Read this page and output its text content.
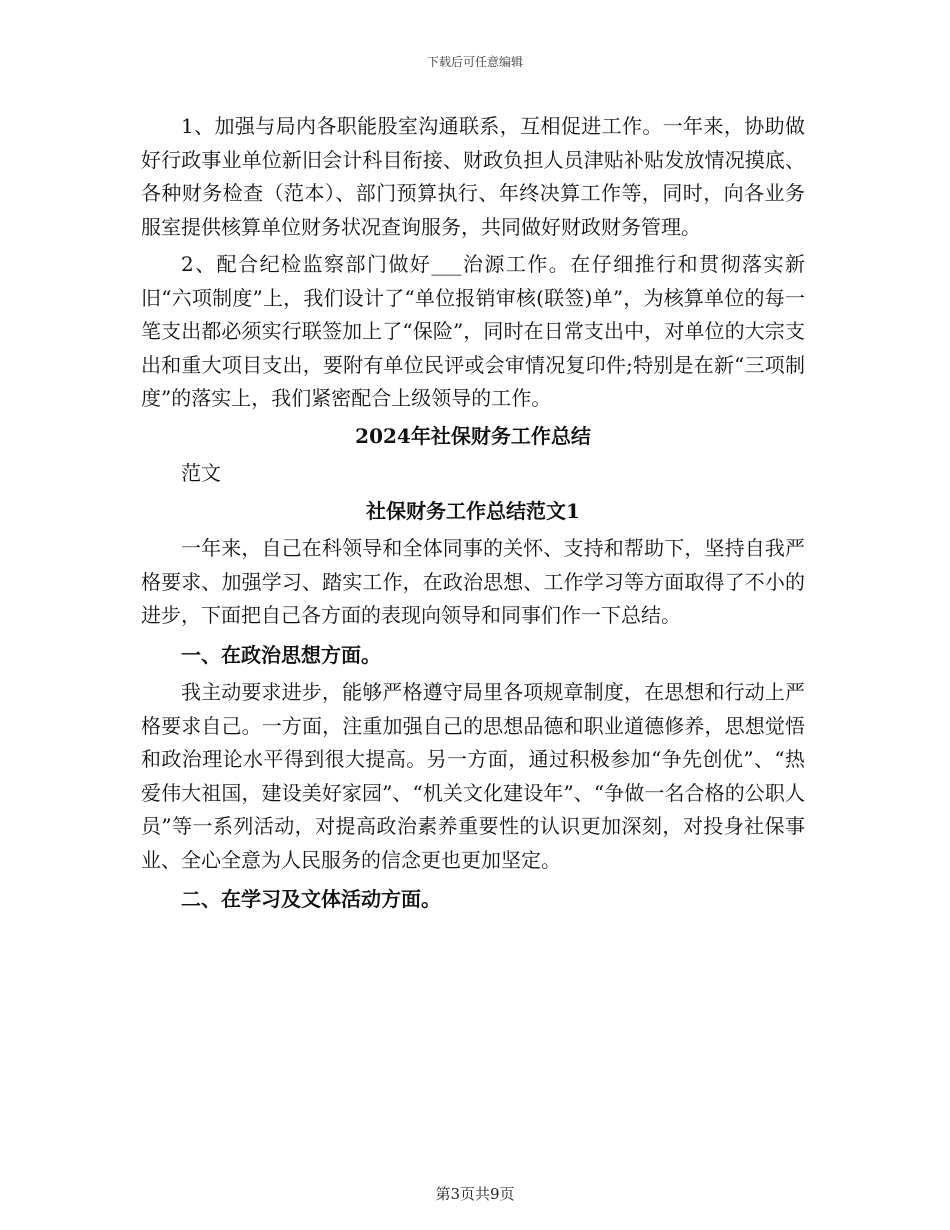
下载后可任意编辑

1、加强与局内各职能股室沟通联系，互相促进工作。一年来，协助做好行政事业单位新旧会计科目衔接、财政负担人员津贴补贴发放情况摸底、各种财务检查（范本）、部门预算执行、年终决算工作等，同时，向各业务服室提供核算单位财务状况查询服务，共同做好财政财务管理。

2、配合纪检监察部门做好___治源工作。在仔细推行和贯彻落实新旧“六项制度”上，我们设计了“单位报销审核(联签)单”，为核算单位的每一笔支出都必须实行联签加上了“保险”，同时在日常支出中，对单位的大宗支出和重大项目支出，要附有单位民评或会审情况复印件;特别是在新“三项制度”的落实上，我们紧密配合上级领导的工作。

2024年社保财务工作总结

范文

社保财务工作总结范文1

一年来，自己在科领导和全体同事的关怀、支持和帮助下，坚持自我严格要求、加强学习、踏实工作，在政治思想、工作学习等方面取得了不小的进步，下面把自己各方面的表现向领导和同事们作一下总结。

一、在政治思想方面。

我主动要求进步，能够严格遵守局里各项规章制度，在思想和行动上严格要求自己。一方面，注重加强自己的思想品德和职业道德修养，思想觉悟和政治理论水平得到很大提高。另一方面，通过积极参加“争先创优”、“热爱伟大祖国，建设美好家园”、“机关文化建设年”、“争做一名合格的公职人员”等一系列活动，对提高政治素养重要性的认识更加深刻，对投身社保事业、全心全意为人民服务的信念更也更加坚定。

二、在学习及文体活动方面。

第3页共9页
